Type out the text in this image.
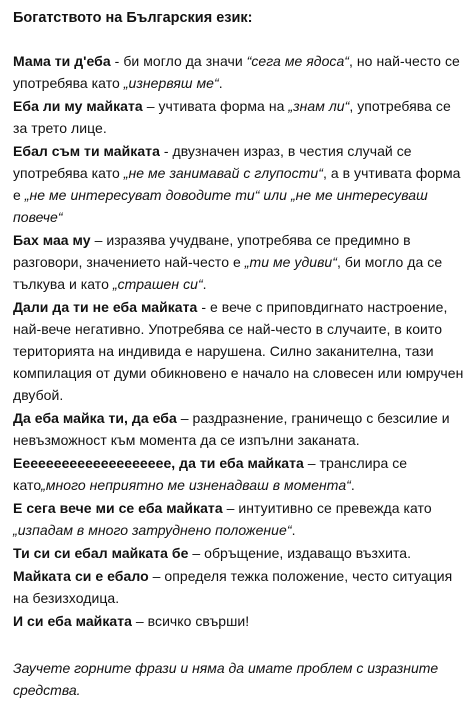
Богатството на Българския език:

Мама ти д'еба - би могло да значи “сега ме ядоса“, но най-често се употребява като „изнервяш ме“.

Еба ли му майката – учтивата форма на „знам ли“, употребява се за трето лице.

Ебал съм ти майката - двузначен израз, в честия случай се употребява като „не ме занимавай с глупости“, а в учтивата форма е „не ме интересуват доводите ти“ или „не ме интересуваш повече“

Бах маа му – изразява учудване, употребява се предимно в разговори, значението най-често е „ти ме удиви“, би могло да се тълкува и като „страшен си“.

Дали да ти не еба майката - е вече с приповдигнато настроение, най-вече негативно. Употребява се най-често в случаите, в които територията на индивида е нарушена. Силно заканителна, тази компилация от думи обикновено е начало на словесен или юмручен двубой.

Да еба майка ти, да еба – раздразнение, граничещо с безсилие и невъзможност към момента да се изпълни заканата.

Ееееееееееееееееееее, да ти еба майката – транслира се като„много неприятно ме изненадваш в момента“.

Е сега вече ми се еба майката – интуитивно се превежда като „изпадам в много затруднено положение“.

Ти си си ебал майката бе – обръщение, издаващо възхита.

Майката си е ебало – определя тежка положение, често ситуация на безизходица.

И си еба майката – всичко свърши!

Заучете горните фрази и няма да имате проблем с изразните средства.
